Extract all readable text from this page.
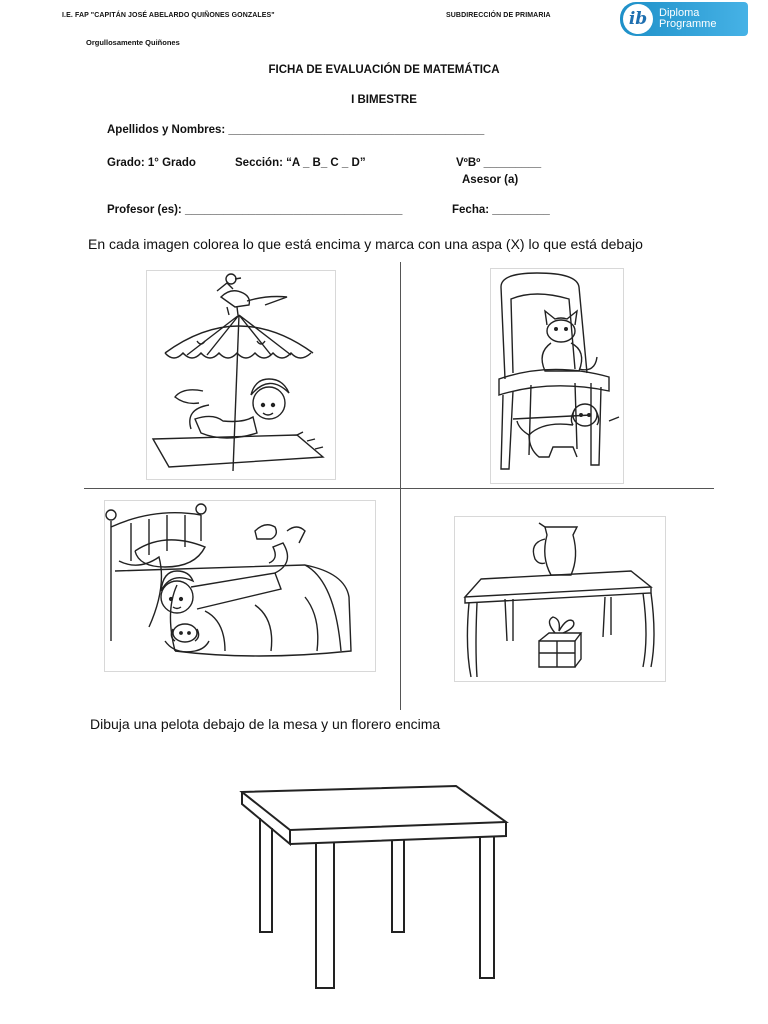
I.E. FAP "CAPITÁN JOSÉ ABELARDO QUIÑONES GONZALES"	SUBDIRECCIÓN DE PRIMARIA
Orgullosamente Quiñones
ib	Diploma
Programme
FICHA DE EVALUACIÓN DE MATEMÁTICA
I BIMESTRE
Apellidos y Nombres: ________________________________________
Grado: 1° Grado	Sección: “A _ B_ C _ D”	VºBº _________
Asesor (a)
Profesor (es): __________________________________	Fecha: _________
En cada imagen colorea lo que está encima y marca con una aspa (X) lo que está debajo
Dibuja una pelota debajo de la mesa y un florero encima
